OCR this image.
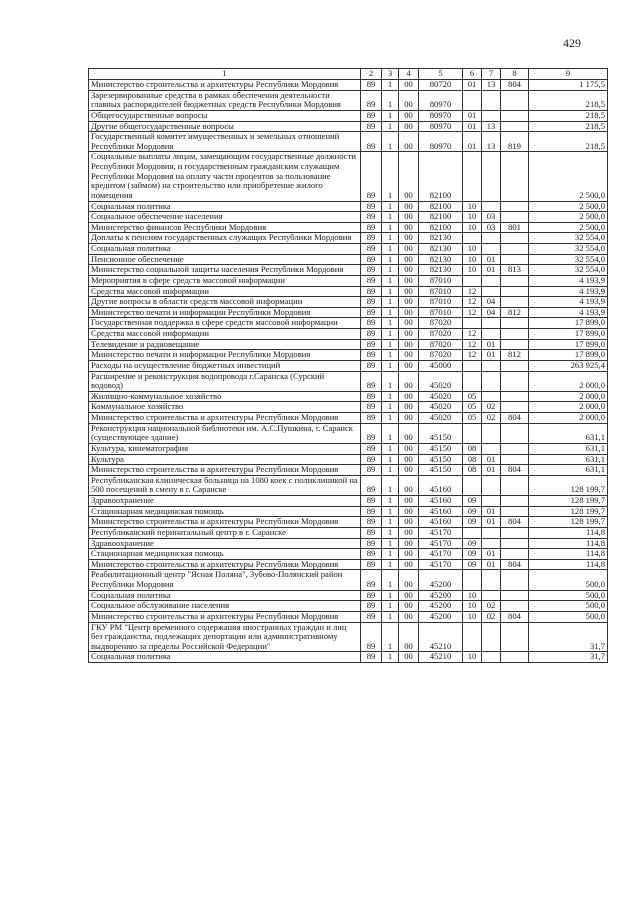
429
1	2	3	4	5	6	7	8	9
Министерство строительства и архитектуры Республики Мордовия	89	1	00	80720	01	13	804	1 175,5
Зарезервированные средства в рамках обеспечения деятельности главных распорядителей бюджетных средств Республики Мордовия	89	1	00	80970				218,5
Общегосударственные вопросы	89	1	00	80970	01			218,5
Другие общегосударственные вопросы	89	1	00	80970	01	13		218,5
Государственный комитет имущественных и земельных отношений Республики Мордовия	89	1	00	80970	01	13	819	218,5
Социальные выплаты лицам, замещающим государственные должности Республики Мордовия, и государственным гражданским служащим Республики Мордовия на оплату части процентов за пользование кредитом (займом) на строительство или приобретение жилого помещения	89	1	00	82100				2 500,0
Социальная политика	89	1	00	82100	10			2 500,0
Социальное обеспечение населения	89	1	00	82100	10	03		2 500,0
Министерство финансов Республики Мордовия	89	1	00	82100	10	03	801	2 500,0
Доплаты к пенсиям государственных служащих Республики Мордовия	89	1	00	82130				32 554,0
Социальная политика	89	1	00	82130	10			32 554,0
Пенсионное обеспечение	89	1	00	82130	10	01		32 554,0
Министерство социальной защиты населения Республики Мордовия	89	1	00	82130	10	01	813	32 554,0
Мероприятия в сфере средств массовой информации	89	1	00	87010				4 193,9
Средства массовой информации	89	1	00	87010	12			4 193,9
Другие вопросы в области средств массовой информации	89	1	00	87010	12	04		4 193,9
Министерство печати и информации Республики Мордовия	89	1	00	87010	12	04	812	4 193,9
Государственная поддержка в сфере средств массовой информации	89	1	00	87020				17 899,0
Средства массовой информации	89	1	00	87020	12			17 899,0
Телевидение и радиовещание	89	1	00	87020	12	01		17 899,0
Министерство печати и информации Республики Мордовия	89	1	00	87020	12	01	812	17 899,0
Расходы на осуществление бюджетных инвестиций	89	1	00	45000				263 925,4
Расширение и реконструкция водопровода г.Саранска (Сурский водовод)	89	1	00	45020				2 000,0
Жилищно-коммунальное хозяйство	89	1	00	45020	05			2 000,0
Коммунальное хозяйство	89	1	00	45020	05	02		2 000,0
Министерство строительства и архитектуры Республики Мордовия	89	1	00	45020	05	02	804	2 000,0
Реконструкция национальной библиотеки им. А.С.Пушкина, г. Саранск (существующее здание)	89	1	00	45150				631,1
Культура, кинематография	89	1	00	45150	08			631,1
Культура	89	1	00	45150	08	01		631,1
Министерство строительства и архитектуры Республики Мордовия	89	1	00	45150	08	01	804	631,1
Республиканская клиническая больница на 1080 коек с поликлиникой на 500 посещений в смену в г. Саранске	89	1	00	45160				128 199,7
Здравоохранение	89	1	00	45160	09			128 199,7
Стационарная медицинская помощь	89	1	00	45160	09	01		128 199,7
Министерство строительства и архитектуры Республики Мордовия	89	1	00	45160	09	01	804	128 199,7
Республиканский перинатальный центр в г. Саранске	89	1	00	45170				114,8
Здравоохранение	89	1	00	45170	09			114,8
Стационарная медицинская помощь	89	1	00	45170	09	01		114,8
Министерство строительства и архитектуры Республики Мордовия	89	1	00	45170	09	01	804	114,8
Реабилитационный центр "Ясная Поляна", Зубово-Полянский район Республики Мордовия	89	1	00	45200				500,0
Социальная политика	89	1	00	45200	10			500,0
Социальное обслуживание населения	89	1	00	45200	10	02		500,0
Министерство строительства и архитектуры Республики Мордовия	89	1	00	45200	10	02	804	500,0
ГКУ РМ "Центр временного содержания иностранных граждан и лиц без гражданства, подлежащих депортации или административному выдворению за пределы Российской Федерации"	89	1	00	45210				31,7
Социальная политика	89	1	00	45210	10			31,7
